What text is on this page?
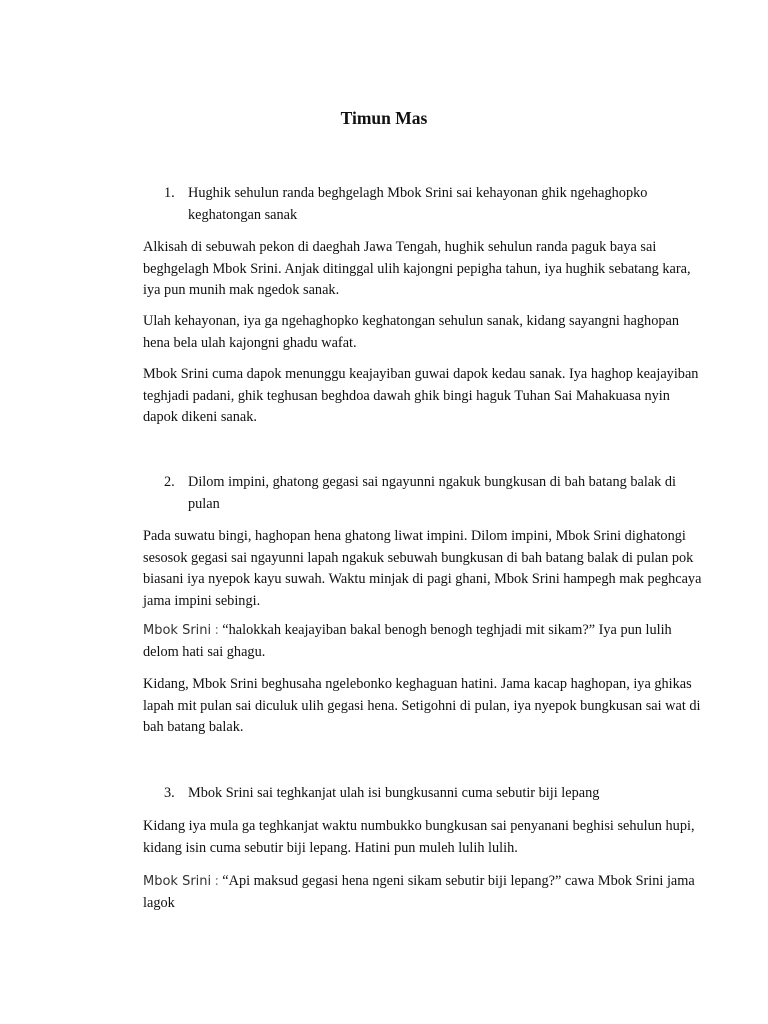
Timun Mas
1. Hughik sehulun randa beghgelagh Mbok Srini sai kehayonan ghik ngehaghopko keghatongan sanak

Alkisah di sebuwah pekon di daeghah Jawa Tengah, hughik sehulun randa paguk baya sai beghgelagh Mbok Srini. Anjak ditinggal ulih kajongni pepigha tahun, iya hughik sebatang kara, iya pun munih mak ngedok sanak.

Ulah kehayonan, iya ga ngehaghopko keghatongan sehulun sanak, kidang sayangni haghopan hena bela ulah kajongni ghadu wafat.

Mbok Srini cuma dapok menunggu keajayiban guwai dapok kedau sanak. Iya haghop keajayiban teghjadi padani, ghik teghusan beghdoa dawah ghik bingi haguk Tuhan Sai Mahakuasa nyin dapok dikeni sanak.

2. Dilom impini, ghatong gegasi sai ngayunni ngakuk bungkusan di bah batang balak di pulan

Pada suwatu bingi, haghopan hena ghatong liwat impini. Dilom impini, Mbok Srini dighatongi sesosok gegasi sai ngayunni lapah ngakuk sebuwah bungkusan di bah batang balak di pulan pok biasani iya nyepok kayu suwah. Waktu minjak di pagi ghani, Mbok Srini hampegh mak peghcaya jama impini sebingi.

Mbok Srini : “halokkah keajayiban bakal benogh benogh teghjadi mit sikam?” Iya pun lulih delom hati sai ghagu.

Kidang, Mbok Srini beghusaha ngelebonko keghaguan hatini. Jama kacap haghopan, iya ghikas lapah mit pulan sai diculuk ulih gegasi hena. Setigohni di pulan, iya nyepok bungkusan sai wat di bah batang balak.

3. Mbok Srini sai teghkanjat ulah isi bungkusanni cuma sebutir biji lepang

Kidang iya mula ga teghkanjat waktu numbukko bungkusan sai penyanani beghisi sehulun hupi, kidang isin cuma sebutir biji lepang. Hatini pun muleh lulih lulih.

Mbok Srini : “Api maksud gegasi hena ngeni sikam sebutir biji lepang?” cawa Mbok Srini jama lagok
